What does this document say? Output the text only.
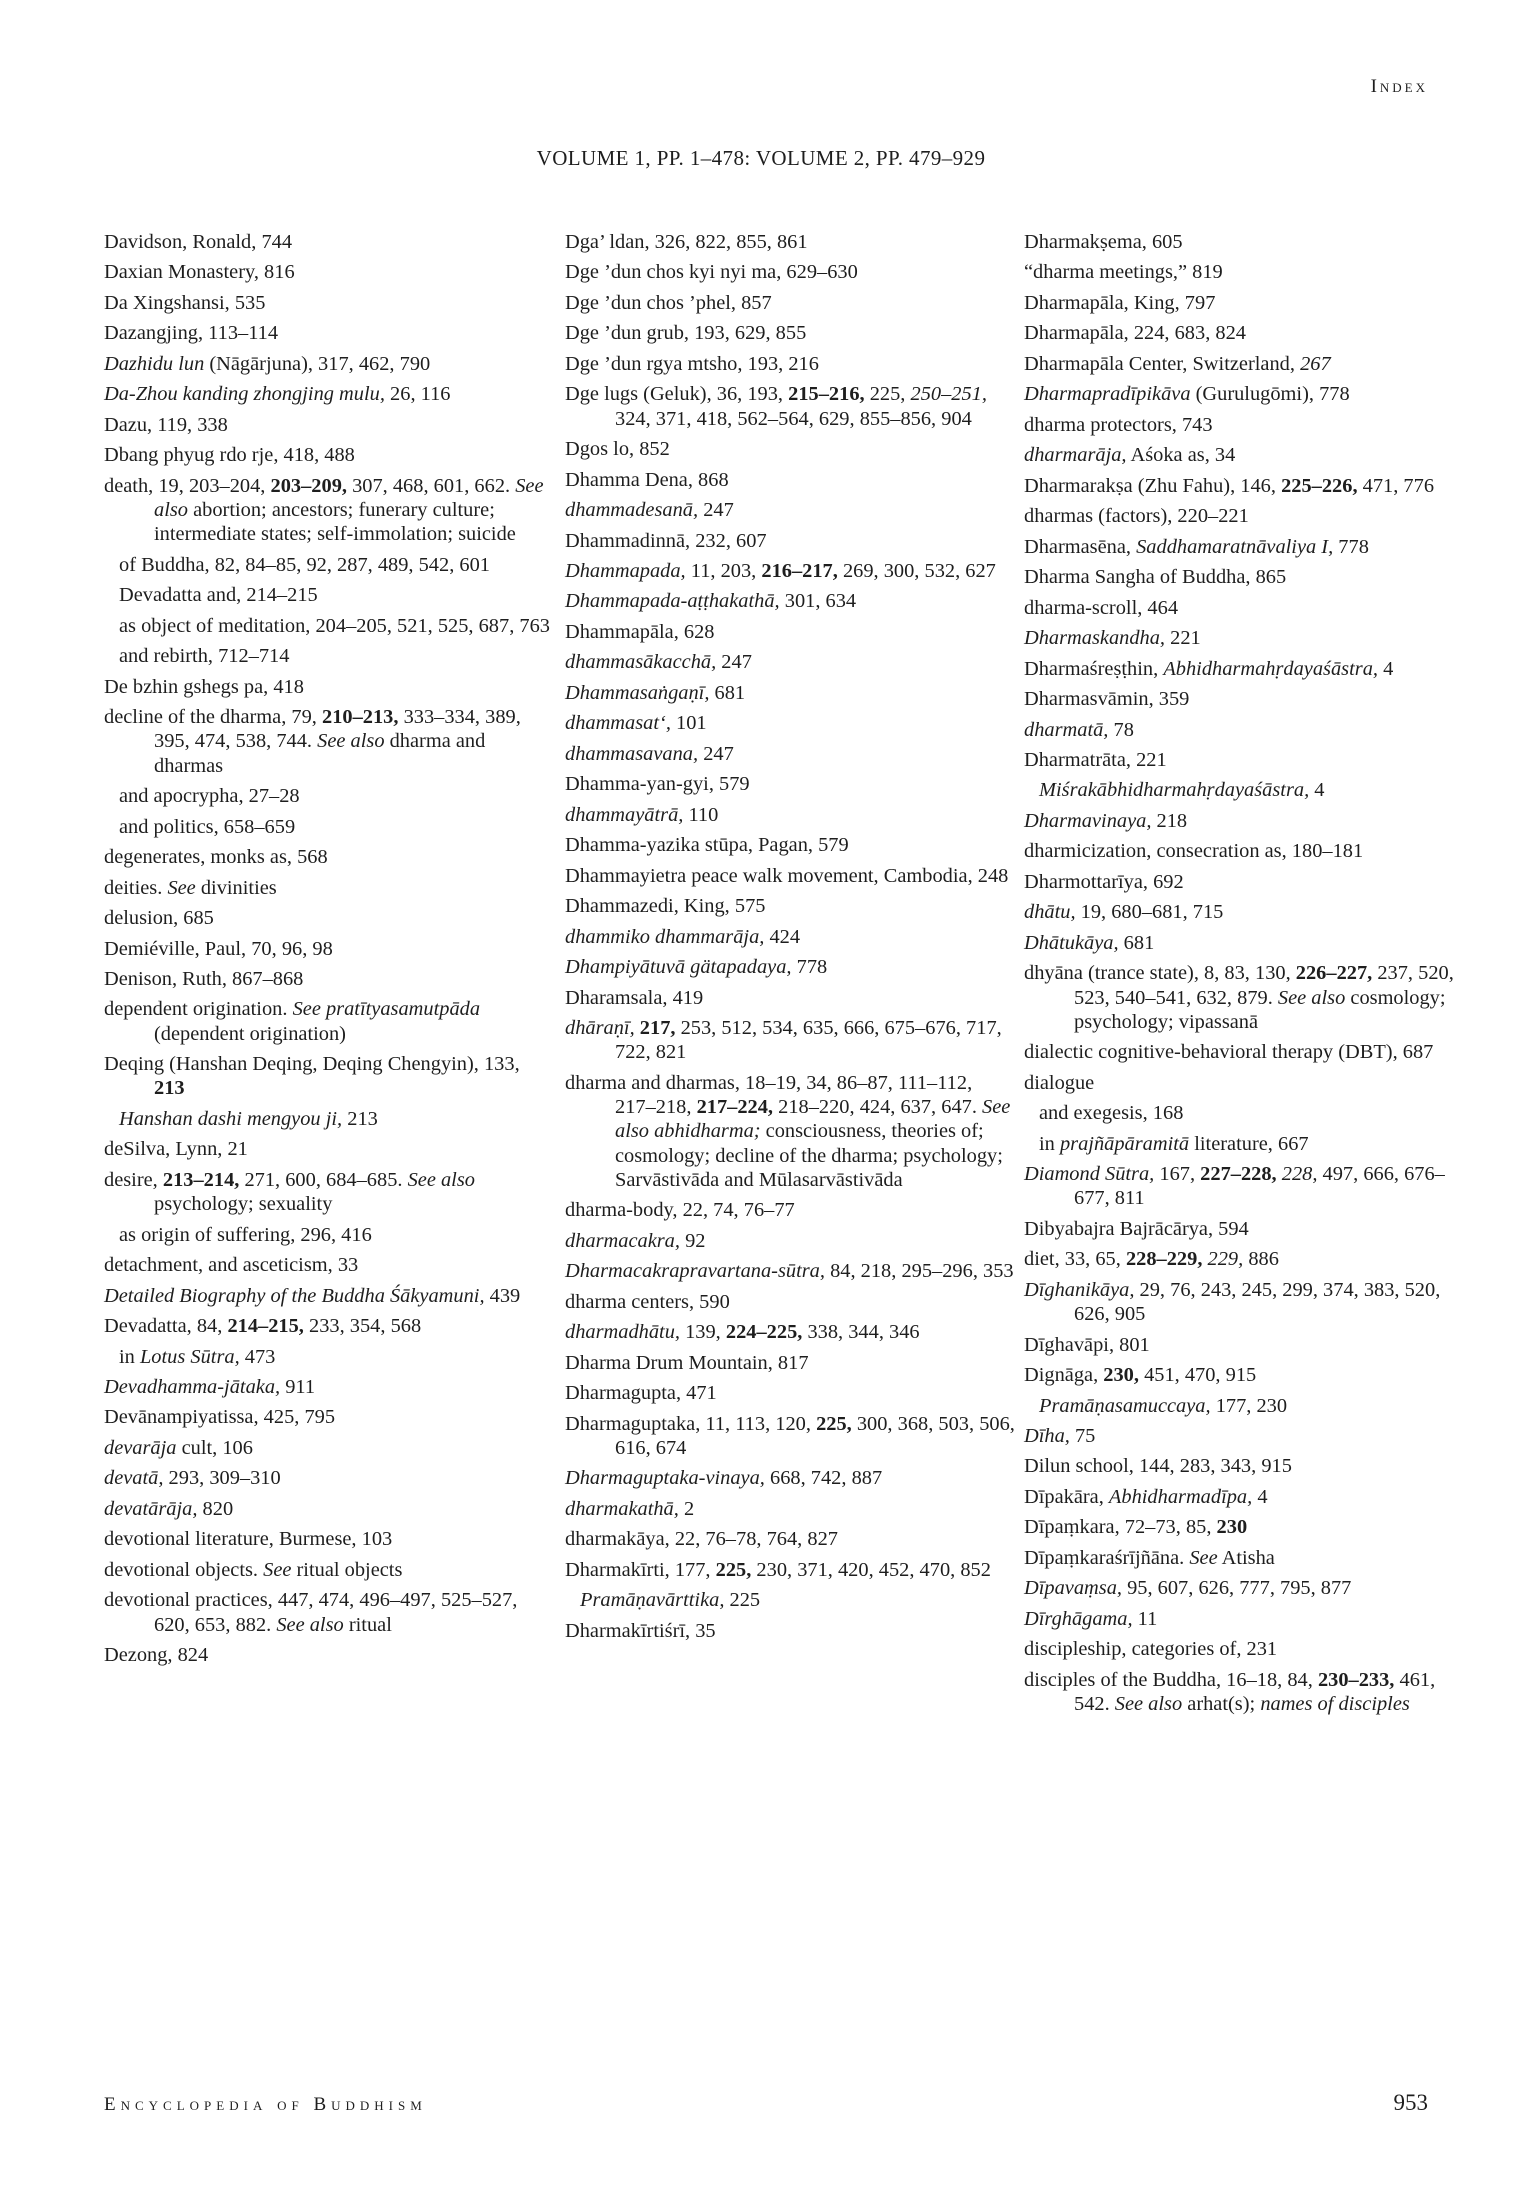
Index
VOLUME 1, PP. 1–478: VOLUME 2, PP. 479–929
Davidson, Ronald, 744
Daxian Monastery, 816
Da Xingshansi, 535
Dazangjing, 113–114
Dazhidu lun (Nāgārjuna), 317, 462, 790
Da-Zhou kanding zhongjing mulu, 26, 116
Dazu, 119, 338
Dbang phyug rdo rje, 418, 488
death, 19, 203–204, 203–209, 307, 468, 601, 662. See also abortion; ancestors; funerary culture; intermediate states; self-immolation; suicide
of Buddha, 82, 84–85, 92, 287, 489, 542, 601
Devadatta and, 214–215
as object of meditation, 204–205, 521, 525, 687, 763
and rebirth, 712–714
De bzhin gshegs pa, 418
decline of the dharma, 79, 210–213, 333–334, 389, 395, 474, 538, 744. See also dharma and dharmas
and apocrypha, 27–28
and politics, 658–659
degenerates, monks as, 568
deities. See divinities
delusion, 685
Demiéville, Paul, 70, 96, 98
Denison, Ruth, 867–868
dependent origination. See pratītyasamutpāda (dependent origination)
Deqing (Hanshan Deqing, Deqing Chengyin), 133, 213
Hanshan dashi mengyou ji, 213
deSilva, Lynn, 21
desire, 213–214, 271, 600, 684–685. See also psychology; sexuality
as origin of suffering, 296, 416
detachment, and asceticism, 33
Detailed Biography of the Buddha Śākyamuni, 439
Devadatta, 84, 214–215, 233, 354, 568
in Lotus Sūtra, 473
Devadhamma-jātaka, 911
Devānampiyatissa, 425, 795
devarāja cult, 106
devatā, 293, 309–310
devatārāja, 820
devotional literature, Burmese, 103
devotional objects. See ritual objects
devotional practices, 447, 474, 496–497, 525–527, 620, 653, 882. See also ritual
Dezong, 824
Dga’ ldan, 326, 822, 855, 861
Dge ’dun chos kyi nyi ma, 629–630
Dge ’dun chos ’phel, 857
Dge ’dun grub, 193, 629, 855
Dge ’dun rgya mtsho, 193, 216
Dge lugs (Geluk), 36, 193, 215–216, 225, 250–251, 324, 371, 418, 562–564, 629, 855–856, 904
Dgos lo, 852
Dhamma Dena, 868
dhammadesanā, 247
Dhammadinnā, 232, 607
Dhammapada, 11, 203, 216–217, 269, 300, 532, 627
Dhammapada-aṭṭhakathā, 301, 634
Dhammapāla, 628
dhammasākacchā, 247
Dhammasaṅgaṇī, 681
dhammasat‘, 101
dhammasavana, 247
Dhamma-yan-gyi, 579
dhammayātrā, 110
Dhamma-yazika stūpa, Pagan, 579
Dhammayietra peace walk movement, Cambodia, 248
Dhammazedi, King, 575
dhammiko dhammarāja, 424
Dhampiyātuvā gätapadaya, 778
Dharamsala, 419
dhāraṇī, 217, 253, 512, 534, 635, 666, 675–676, 717, 722, 821
dharma and dharmas, 18–19, 34, 86–87, 111–112, 217–218, 217–224, 218–220, 424, 637, 647. See also abhidharma; consciousness, theories of; cosmology; decline of the dharma; psychology; Sarvāstivāda and Mūlasarvāstivāda
dharma-body, 22, 74, 76–77
dharmacakra, 92
Dharmacakrapravartana-sūtra, 84, 218, 295–296, 353
dharma centers, 590
dharmadhātu, 139, 224–225, 338, 344, 346
Dharma Drum Mountain, 817
Dharmagupta, 471
Dharmaguptaka, 11, 113, 120, 225, 300, 368, 503, 506, 616, 674
Dharmaguptaka-vinaya, 668, 742, 887
dharmakathā, 2
dharmakāya, 22, 76–78, 764, 827
Dharmakīrti, 177, 225, 230, 371, 420, 452, 470, 852
Pramāṇavārttika, 225
Dharmakīrtiśrī, 35
Dharmakṣema, 605
“dharma meetings,” 819
Dharmapāla, King, 797
Dharmapāla, 224, 683, 824
Dharmapāla Center, Switzerland, 267
Dharmapradīpikāva (Gurulugōmi), 778
dharma protectors, 743
dharmarāja, Aśoka as, 34
Dharmarakṣa (Zhu Fahu), 146, 225–226, 471, 776
dharmas (factors), 220–221
Dharmasēna, Saddhamaratnāvaliya I, 778
Dharma Sangha of Buddha, 865
dharma-scroll, 464
Dharmaskandha, 221
Dharmaśreṣṭhin, Abhidharmahṛdayaśāstra, 4
Dharmasvāmin, 359
dharmatā, 78
Dharmatrāta, 221
Miśrakābhidharmahṛdayaśāstra, 4
Dharmavinaya, 218
dharmicization, consecration as, 180–181
Dharmottarīya, 692
dhātu, 19, 680–681, 715
Dhātukāya, 681
dhyāna (trance state), 8, 83, 130, 226–227, 237, 520, 523, 540–541, 632, 879. See also cosmology; psychology; vipassanā
dialectic cognitive-behavioral therapy (DBT), 687
dialogue
and exegesis, 168
in prajñāpāramitā literature, 667
Diamond Sūtra, 167, 227–228, 228, 497, 666, 676–677, 811
Dibyabajra Bajrācārya, 594
diet, 33, 65, 228–229, 229, 886
Dīghanikāya, 29, 76, 243, 245, 299, 374, 383, 520, 626, 905
Dīghavāpi, 801
Dignāga, 230, 451, 470, 915
Pramāṇasamuccaya, 177, 230
Dīha, 75
Dilun school, 144, 283, 343, 915
Dīpakāra, Abhidharmadīpa, 4
Dīpaṃkara, 72–73, 85, 230
Dīpaṃkaraśrījñāna. See Atisha
Dīpavaṃsa, 95, 607, 626, 777, 795, 877
Dīrghāgama, 11
discipleship, categories of, 231
disciples of the Buddha, 16–18, 84, 230–233, 461, 542. See also arhat(s); names of disciples
Encyclopedia of Buddhism	953
